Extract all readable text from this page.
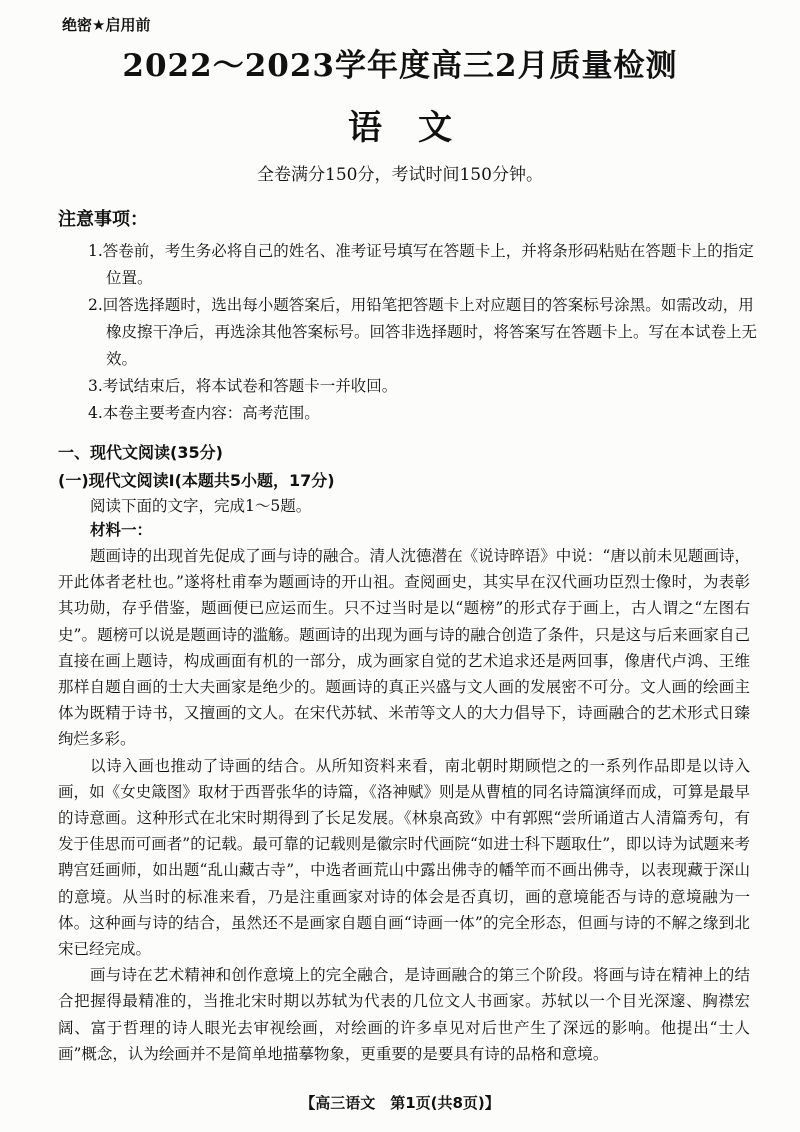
绝密★启用前
2022～2023学年度高三2月质量检测
语文
全卷满分150分，考试时间150分钟。
注意事项：
1.答卷前，考生务必将自己的姓名、准考证号填写在答题卡上，并将条形码粘贴在答题卡上的指定位置。
2.回答选择题时，选出每小题答案后，用铅笔把答题卡上对应题目的答案标号涂黑。如需改动，用橡皮擦干净后，再选涂其他答案标号。回答非选择题时，将答案写在答题卡上。写在本试卷上无效。
3.考试结束后，将本试卷和答题卡一并收回。
4.本卷主要考查内容：高考范围。
一、现代文阅读(35分)
(一)现代文阅读Ⅰ(本题共5小题，17分)
阅读下面的文字，完成1～5题。
材料一：

题画诗的出现首先促成了画与诗的融合。清人沈德潜在《说诗晬语》中说：“唐以前未见题画诗，开此体者老杜也。”遂将杜甫奉为题画诗的开山祖。查阅画史，其实早在汉代画功臣烈士像时，为表彰其功勋，存乎借鉴，题画便已应运而生。只不过当时是以“题榜”的形式存于画上，古人谓之“左图右史”。题榜可以说是题画诗的滥觞。题画诗的出现为画与诗的融合创造了条件，只是这与后来画家自己直接在画上题诗，构成画面有机的一部分，成为画家自觉的艺术追求还是两回事，像唐代卢鸿、王维那样自题自画的士大夫画家是绝少的。题画诗的真正兴盛与文人画的发展密不可分。文人画的绘画主体为既精于诗书，又擅画的文人。在宋代苏轼、米芾等文人的大力倡导下，诗画融合的艺术形式日臻绚烂多彩。

以诗入画也推动了诗画的结合。从所知资料来看，南北朝时期顾恺之的一系列作品即是以诗入画，如《女史箴图》取材于西晋张华的诗篇，《洛神赋》则是从曹植的同名诗篇演绎而成，可算是最早的诗意画。这种形式在北宋时期得到了长足发展。《林泉高致》中有郭熙“尝所诵道古人清篇秀句，有发于佳思而可画者”的记载。最可靠的记载则是徽宗时代画院“如进士科下题取仕”，即以诗为试题来考聘宫廷画师，如出题“乱山藏古寺”，中选者画荒山中露出佛寺的幡竿而不画出佛寺，以表现藏于深山的意境。从当时的标准来看，乃是注重画家对诗的体会是否真切，画的意境能否与诗的意境融为一体。这种画与诗的结合，虽然还不是画家自题自画“诗画一体”的完全形态，但画与诗的不解之缘到北宋已经完成。

画与诗在艺术精神和创作意境上的完全融合，是诗画融合的第三个阶段。将画与诗在精神上的结合把握得最精准的，当推北宋时期以苏轼为代表的几位文人书画家。苏轼以一个目光深邃、胸襟宏阔、富于哲理的诗人眼光去审视绘画，对绘画的许多卓见对后世产生了深远的影响。他提出“士人画”概念，认为绘画并不是简单地描摹物象，更重要的是要具有诗的品格和意境。

【高三语文　第1页(共8页)】
